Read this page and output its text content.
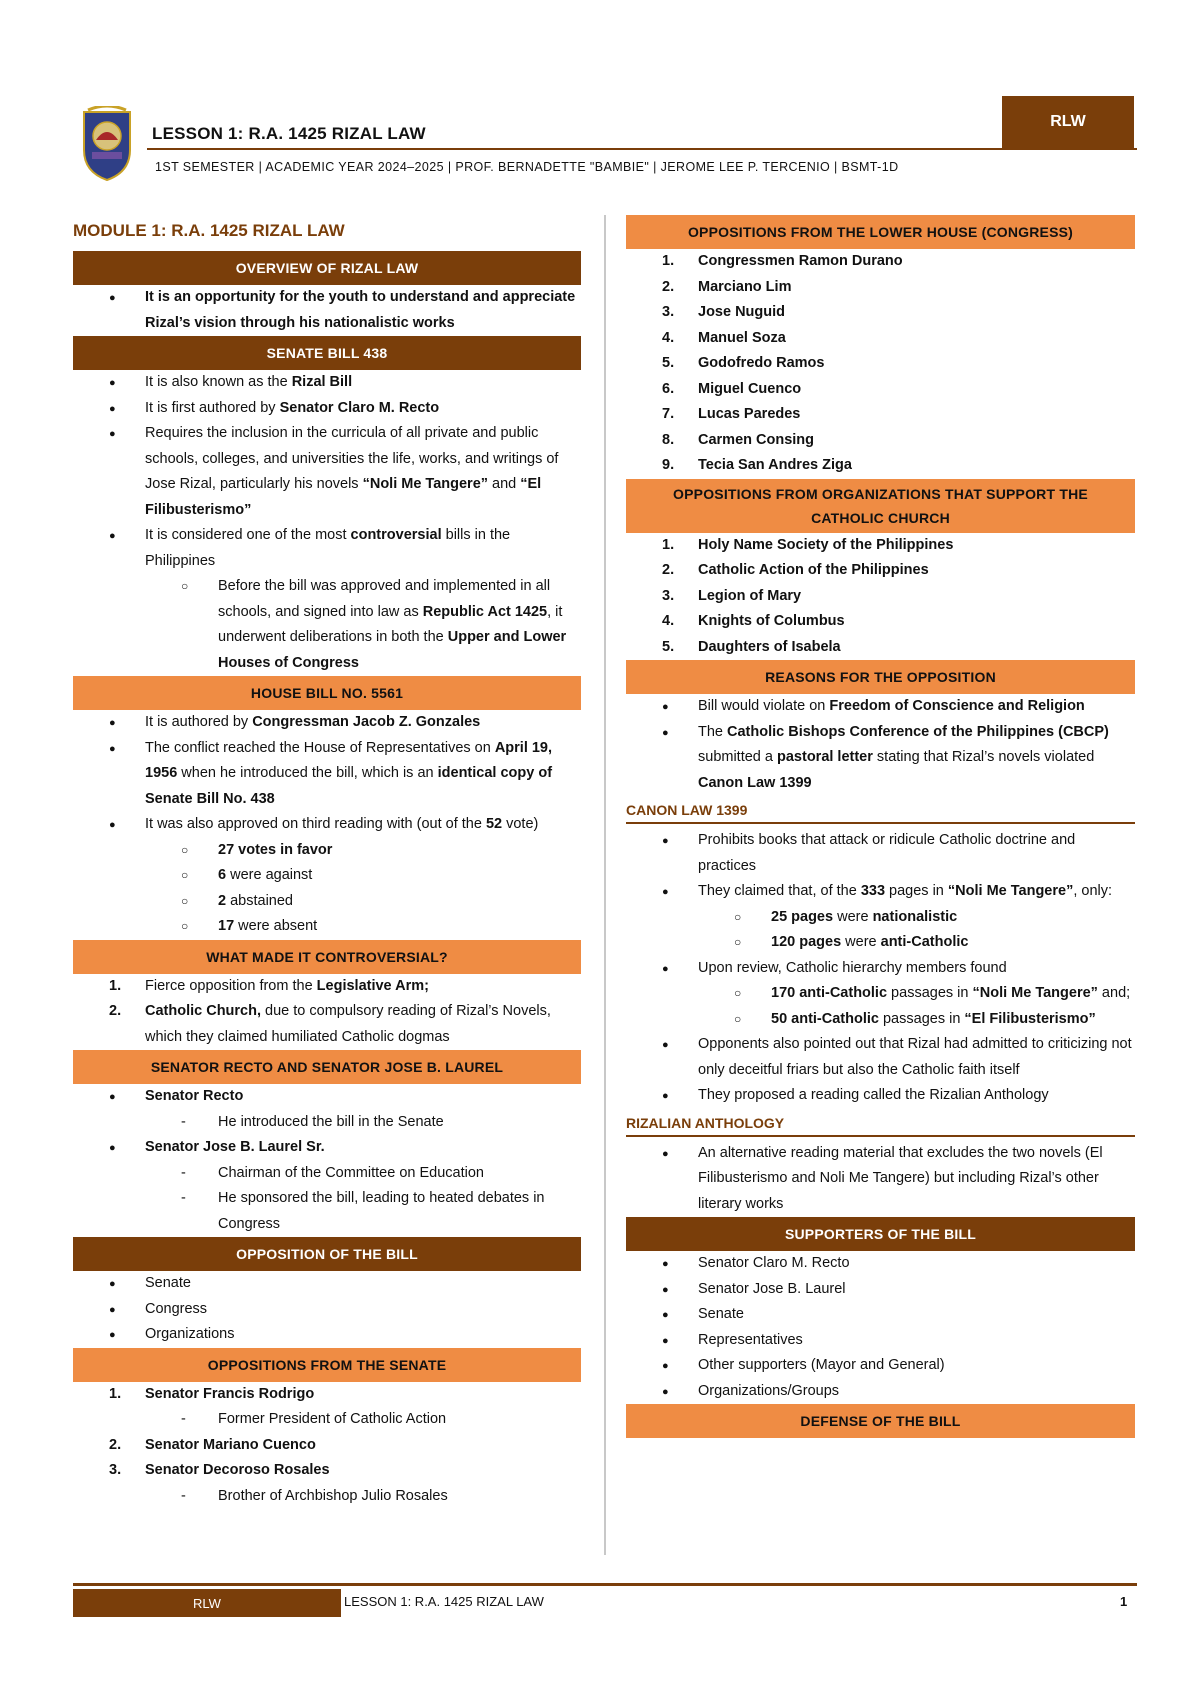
LESSON 1: R.A. 1425 RIZAL LAW
RLW
1ST SEMESTER | ACADEMIC YEAR 2024–2025 | PROF. BERNADETTE "BAMBIE" | JEROME LEE P. TERCENIO | BSMT-1D
MODULE 1: R.A. 1425 RIZAL LAW
OVERVIEW OF RIZAL LAW
●
It is an opportunity for the youth to understand and appreciate Rizal’s vision through his nationalistic works
SENATE BILL 438
●
It is also known as the Rizal Bill
●
It is first authored by Senator Claro M. Recto
●
Requires the inclusion in the curricula of all private and public schools, colleges, and universities the life, works, and writings of Jose Rizal, particularly his novels “Noli Me Tangere” and “El Filibusterismo”
●
It is considered one of the most controversial bills in the Philippines
○
Before the bill was approved and implemented in all schools, and signed into law as Republic Act 1425, it underwent deliberations in both the Upper and Lower Houses of Congress
HOUSE BILL NO. 5561
●
It is authored by Congressman Jacob Z. Gonzales
●
The conflict reached the House of Representatives on April 19, 1956 when he introduced the bill, which is an identical copy of Senate Bill No. 438
●
It was also approved on third reading with (out of the 52 vote)
○
27 votes in favor
○
6 were against
○
2 abstained
○
17 were absent
WHAT MADE IT CONTROVERSIAL?
1.	Fierce opposition from the Legislative Arm;
2.	Catholic Church, due to compulsory reading of Rizal’s Novels, which they claimed humiliated Catholic dogmas
SENATOR RECTO AND SENATOR JOSE B. LAUREL
●
Senator Recto
-
He introduced the bill in the Senate
●
Senator Jose B. Laurel Sr.
-
Chairman of the Committee on Education
-
He sponsored the bill, leading to heated debates in Congress
OPPOSITION OF THE BILL
●
Senate
●
Congress
●
Organizations
OPPOSITIONS FROM THE SENATE
1.	Senator Francis Rodrigo
-
Former President of Catholic Action
2.	Senator Mariano Cuenco
3.	Senator Decoroso Rosales
-
Brother of Archbishop Julio Rosales
OPPOSITIONS FROM THE LOWER HOUSE (CONGRESS)
1.	Congressmen Ramon Durano
2.	Marciano Lim
3.	Jose Nuguid
4.	Manuel Soza
5.	Godofredo Ramos
6.	Miguel Cuenco
7.	Lucas Paredes
8.	Carmen Consing
9.	Tecia San Andres Ziga
OPPOSITIONS FROM ORGANIZATIONS THAT SUPPORT THE CATHOLIC CHURCH
1.	Holy Name Society of the Philippines
2.	Catholic Action of the Philippines
3.	Legion of Mary
4.	Knights of Columbus
5.	Daughters of Isabela
REASONS FOR THE OPPOSITION
●
Bill would violate on Freedom of Conscience and Religion
●
The Catholic Bishops Conference of the Philippines (CBCP) submitted a pastoral letter stating that Rizal’s novels violated Canon Law 1399
CANON LAW 1399
●
Prohibits books that attack or ridicule Catholic doctrine and practices
●
They claimed that, of the 333 pages in “Noli Me Tangere”, only:
○
25 pages were nationalistic
○
120 pages were anti-Catholic
●
Upon review, Catholic hierarchy members found
○
170 anti-Catholic passages in “Noli Me Tangere” and;
○
50 anti-Catholic passages in “El Filibusterismo”
●
Opponents also pointed out that Rizal had admitted to criticizing not only deceitful friars but also the Catholic faith itself
●
They proposed a reading called the Rizalian Anthology
RIZALIAN ANTHOLOGY
●
An alternative reading material that excludes the two novels (El Filibusterismo and Noli Me Tangere) but including Rizal’s other literary works
SUPPORTERS OF THE BILL
●
Senator Claro M. Recto
●
Senator Jose B. Laurel
●
Senate
●
Representatives
●
Other supporters (Mayor and General)
●
Organizations/Groups
DEFENSE OF THE BILL
RLW	LESSON 1: R.A. 1425 RIZAL LAW	1
